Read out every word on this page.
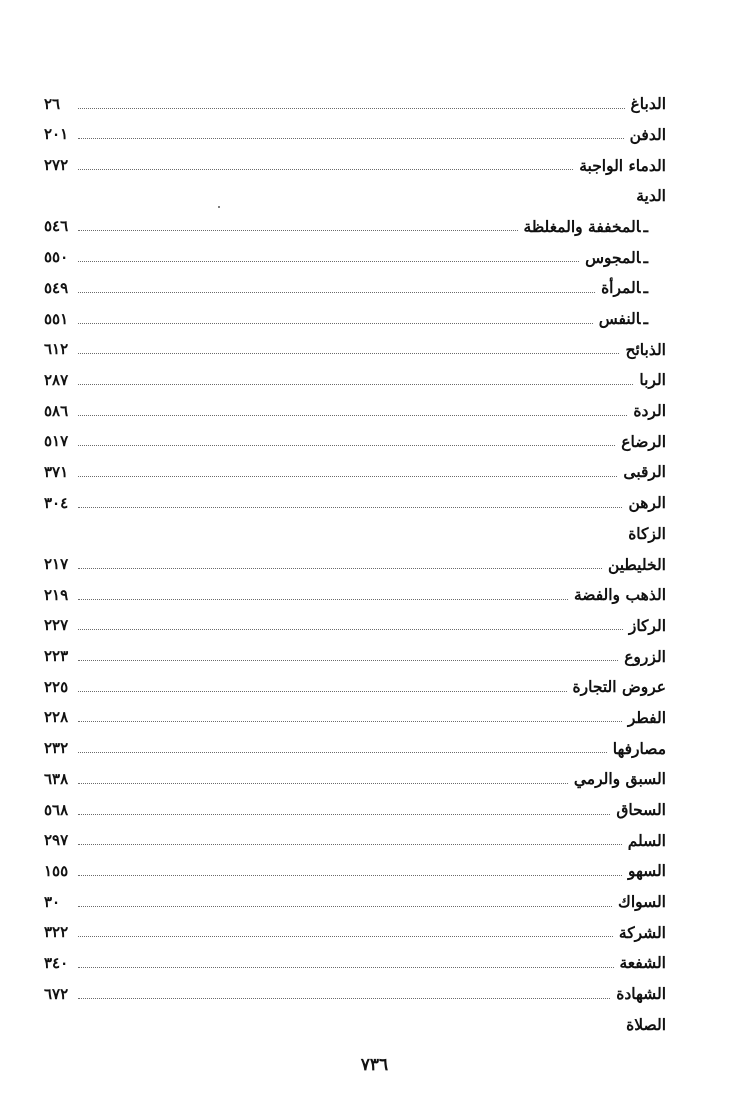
الدباغ
٢٦
الدفن
٢٠١
الدماء الواجبة
٢٧٢
الدية
ـالمخففة والمغلظة
٥٤٦
ـالمجوس
٥٥٠
ـالمرأة
٥٤٩
ـالنفس
٥٥١
الذبائح
٦١٢
الربا
٢٨٧
الردة
٥٨٦
الرضاع
٥١٧
الرقبى
٣٧١
الرهن
٣٠٤
الزكاة
الخليطين
٢١٧
الذهب والفضة
٢١٩
الركاز
٢٢٧
الزروع
٢٢٣
عروض التجارة
٢٢٥
الفطر
٢٢٨
مصارفها
٢٣٢
السبق والرمي
٦٣٨
السحاق
٥٦٨
السلم
٢٩٧
السهو
١٥٥
السواك
٣٠
الشركة
٣٢٢
الشفعة
٣٤٠
الشهادة
٦٧٢
الصلاة
٧٣٦
